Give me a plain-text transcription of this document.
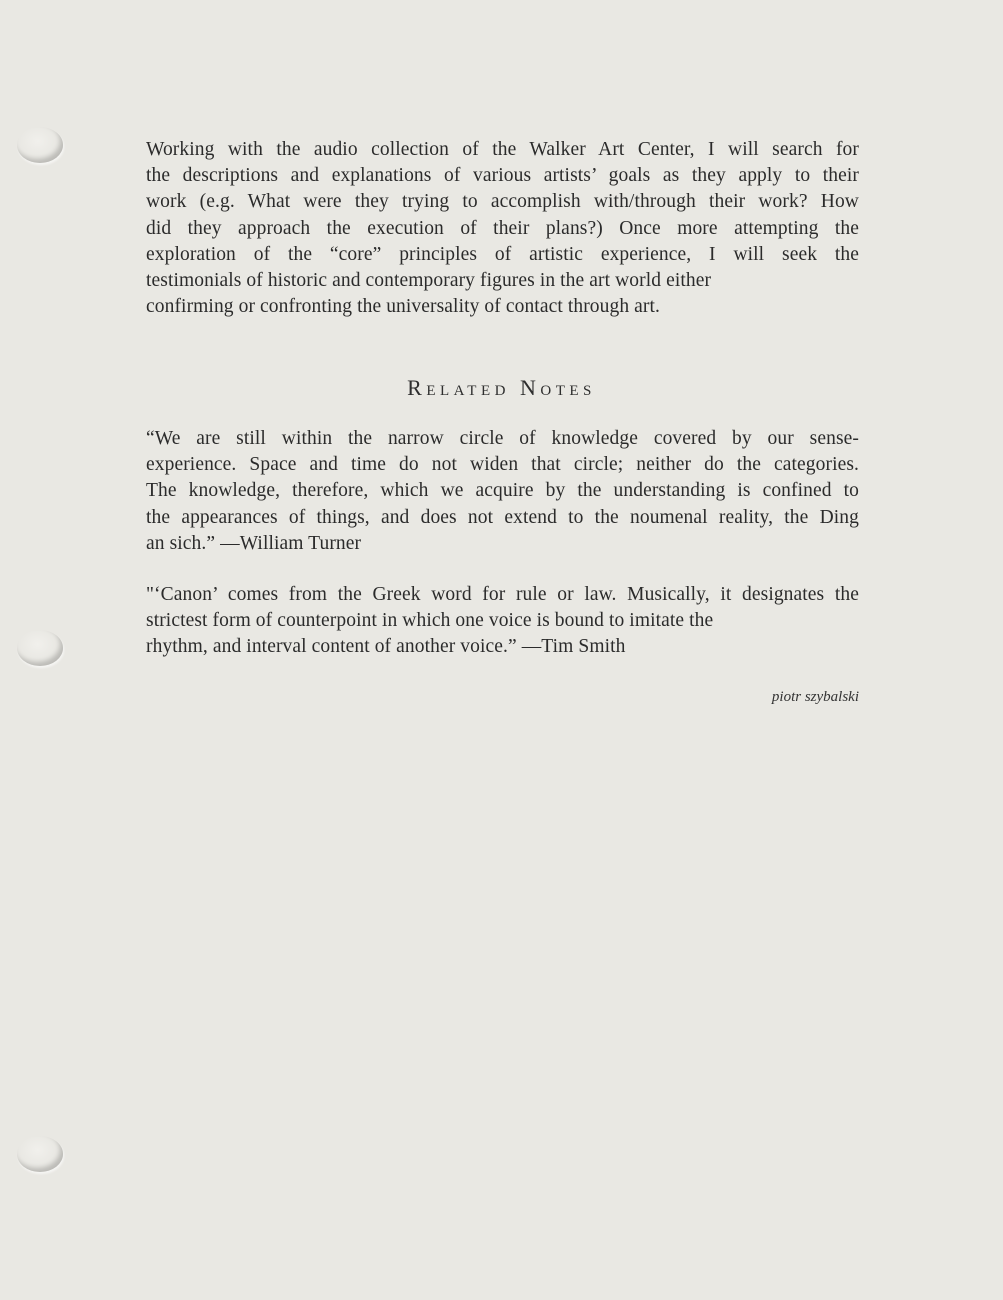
Working with the audio collection of the Walker Art Center, I will search for
the descriptions and explanations of various artists’ goals as they apply to their
work (e.g. What were they trying to accomplish with/through their work? How
did they approach the execution of their plans?) Once more attempting the
exploration of the “core” principles of artistic experience, I will seek the
testimonials of historic and contemporary figures in the art world either
confirming or confronting the universality of contact through art.
Related Notes
“We are still within the narrow circle of knowledge covered by our sense-
experience. Space and time do not widen that circle; neither do the categories.
The knowledge, therefore, which we acquire by the understanding is confined to
the appearances of things, and does not extend to the noumenal reality, the Ding
an sich.” —William Turner
"‘Canon’ comes from the Greek word for rule or law. Musically, it designates the
strictest form of counterpoint in which one voice is bound to imitate the
rhythm, and interval content of another voice.” —Tim Smith
piotr szybalski
